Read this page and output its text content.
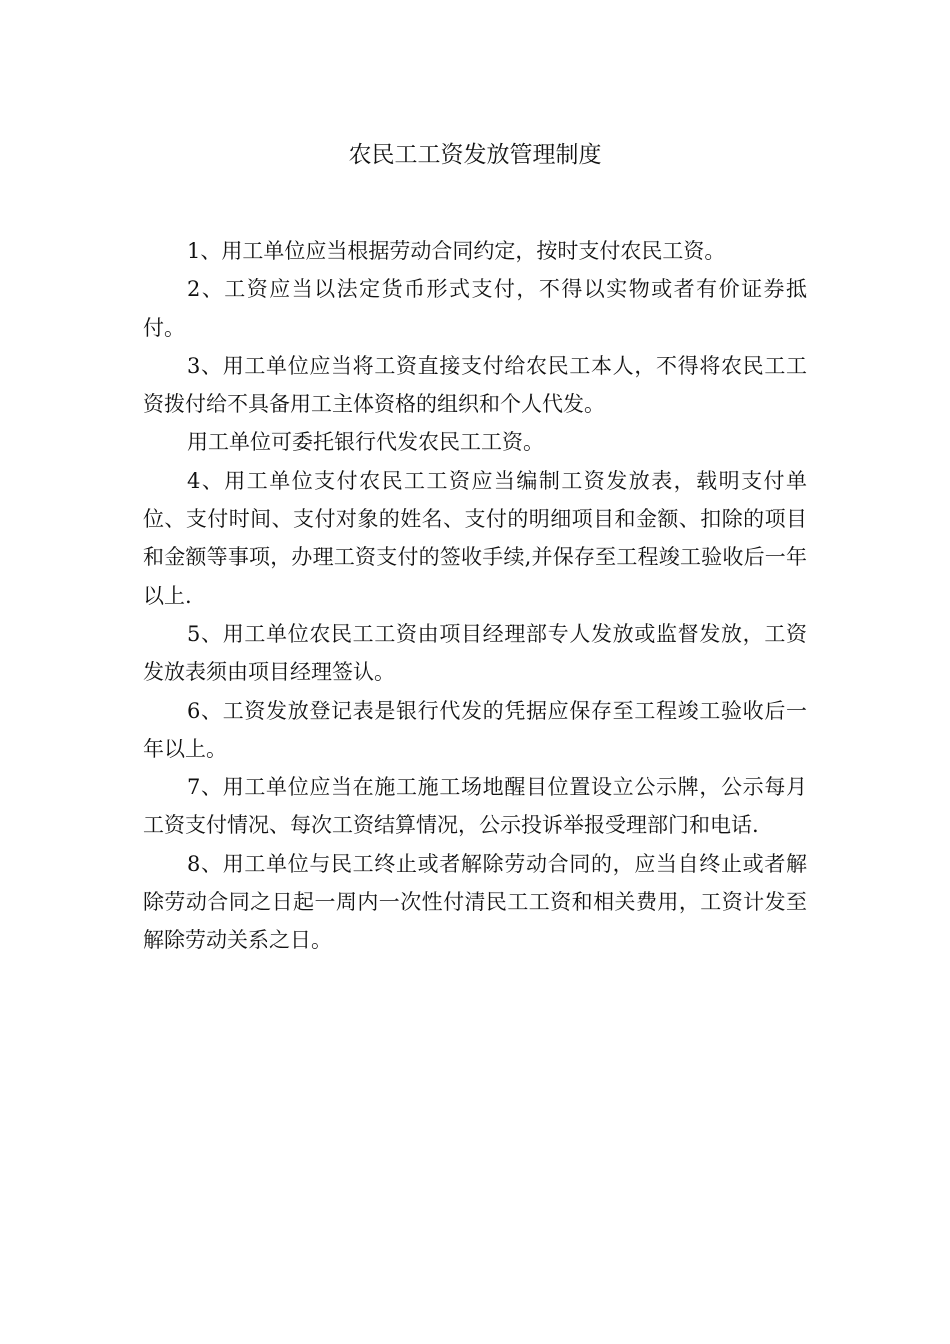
农民工工资发放管理制度

1、用工单位应当根据劳动合同约定，按时支付农民工资。

2、工资应当以法定货币形式支付，不得以实物或者有价证券抵付。

3、用工单位应当将工资直接支付给农民工本人，不得将农民工工资拨付给不具备用工主体资格的组织和个人代发。

用工单位可委托银行代发农民工工资。

4、用工单位支付农民工工资应当编制工资发放表，载明支付单位、支付时间、支付对象的姓名、支付的明细项目和金额、扣除的项目和金额等事项，办理工资支付的签收手续,并保存至工程竣工验收后一年以上.

5、用工单位农民工工资由项目经理部专人发放或监督发放，工资发放表须由项目经理签认。

6、工资发放登记表是银行代发的凭据应保存至工程竣工验收后一年以上。

7、用工单位应当在施工施工场地醒目位置设立公示牌，公示每月工资支付情况、每次工资结算情况，公示投诉举报受理部门和电话.

8、用工单位与民工终止或者解除劳动合同的，应当自终止或者解除劳动合同之日起一周内一次性付清民工工资和相关费用，工资计发至解除劳动关系之日。
